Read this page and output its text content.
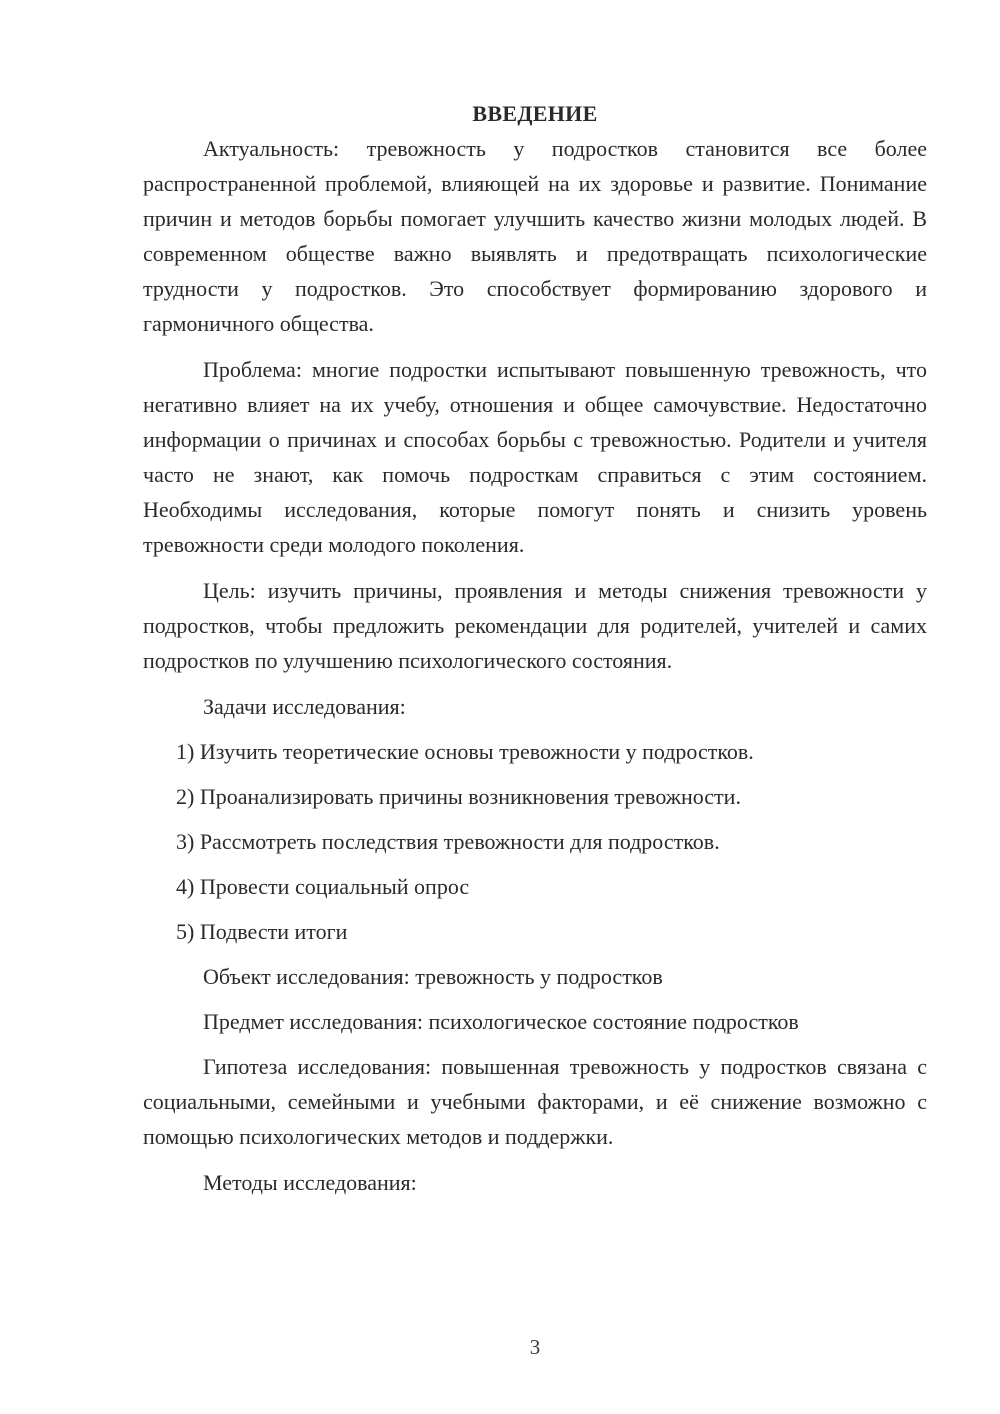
ВВЕДЕНИЕ

Актуальность: тревожность у подростков становится все более распространенной проблемой, влияющей на их здоровье и развитие. Понимание причин и методов борьбы помогает улучшить качество жизни молодых людей. В современном обществе важно выявлять и предотвращать психологические трудности у подростков. Это способствует формированию здорового и гармоничного общества.

Проблема: многие подростки испытывают повышенную тревожность, что негативно влияет на их учебу, отношения и общее самочувствие. Недостаточно информации о причинах и способах борьбы с тревожностью. Родители и учителя часто не знают, как помочь подросткам справиться с этим состоянием. Необходимы исследования, которые помогут понять и снизить уровень тревожности среди молодого поколения.

Цель: изучить причины, проявления и методы снижения тревожности у подростков, чтобы предложить рекомендации для родителей, учителей и самих подростков по улучшению психологического состояния.

Задачи исследования:

1) Изучить теоретические основы тревожности у подростков.
2) Проанализировать причины возникновения тревожности.
3) Рассмотреть последствия тревожности для подростков.
4) Провести социальный опрос
5) Подвести итоги

Объект исследования: тревожность у подростков

Предмет исследования: психологическое состояние подростков

Гипотеза исследования: повышенная тревожность у подростков связана с социальными, семейными и учебными факторами, и её снижение возможно с помощью психологических методов и поддержки.

Методы исследования:

3
